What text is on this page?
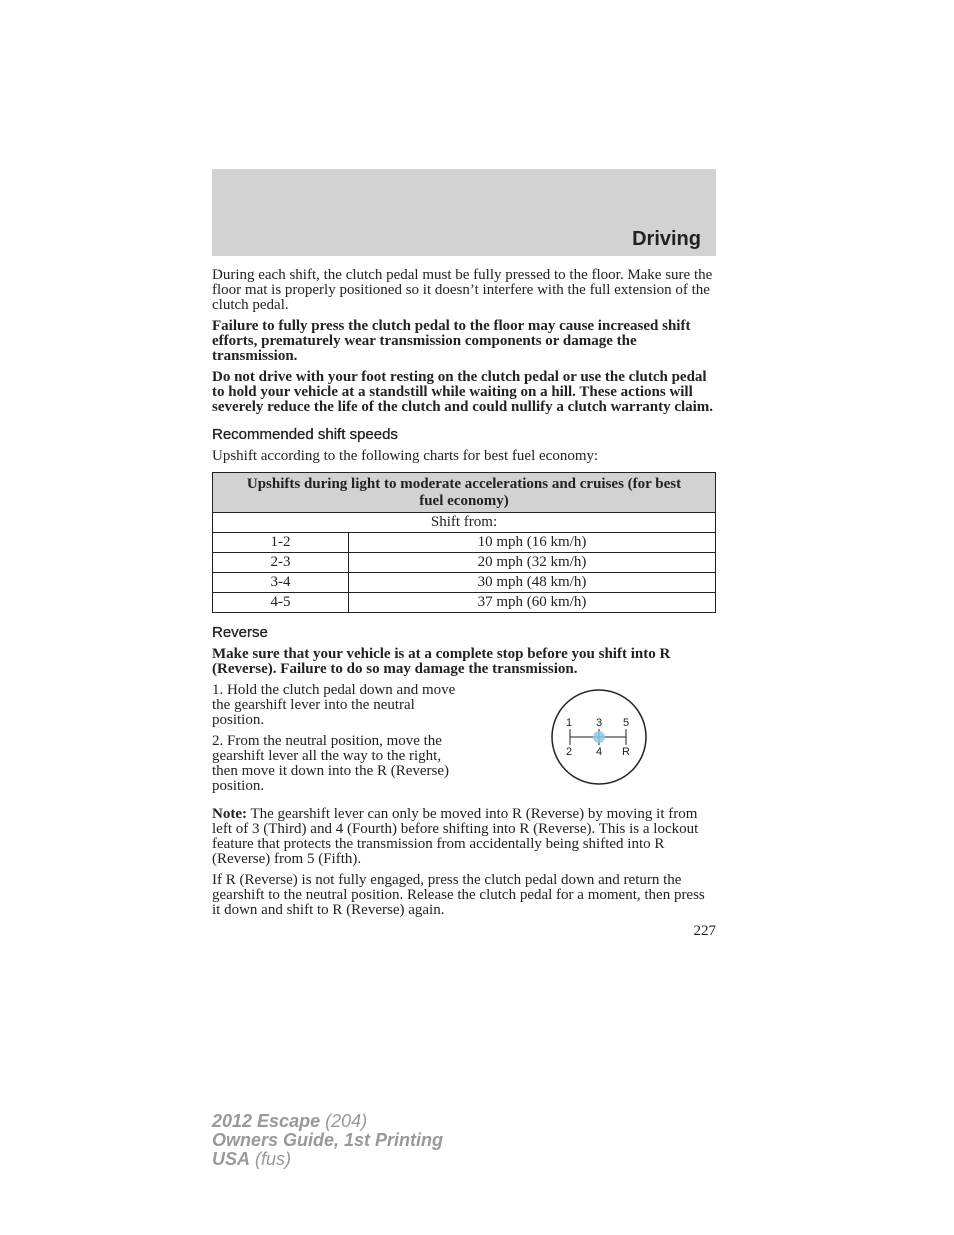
Driving

During each shift, the clutch pedal must be fully pressed to the floor. Make sure the floor mat is properly positioned so it doesn’t interfere with the full extension of the clutch pedal.

Failure to fully press the clutch pedal to the floor may cause increased shift efforts, prematurely wear transmission components or damage the transmission.

Do not drive with your foot resting on the clutch pedal or use the clutch pedal to hold your vehicle at a standstill while waiting on a hill. These actions will severely reduce the life of the clutch and could nullify a clutch warranty claim.

Recommended shift speeds

Upshift according to the following charts for best fuel economy:

Upshifts during light to moderate accelerations and cruises (for best fuel economy)	
Shift from:	
1-2	10 mph (16 km/h)
2-3	20 mph (32 km/h)
3-4	30 mph (48 km/h)
4-5	37 mph (60 km/h)
Reverse

Make sure that your vehicle is at a complete stop before you shift into R (Reverse). Failure to do so may damage the transmission.

1. Hold the clutch pedal down and move the gearshift lever into the neutral position.

2. From the neutral position, move the gearshift lever all the way to the right, then move it down into the R (Reverse) position.

1 3 5
2 4 R

Note: The gearshift lever can only be moved into R (Reverse) by moving it from left of 3 (Third) and 4 (Fourth) before shifting into R (Reverse). This is a lockout feature that protects the transmission from accidentally being shifted into R (Reverse) from 5 (Fifth).

If R (Reverse) is not fully engaged, press the clutch pedal down and return the gearshift to the neutral position. Release the clutch pedal for a moment, then press it down and shift to R (Reverse) again.

227
2012 Escape (204)
Owners Guide, 1st Printing
USA (fus)
